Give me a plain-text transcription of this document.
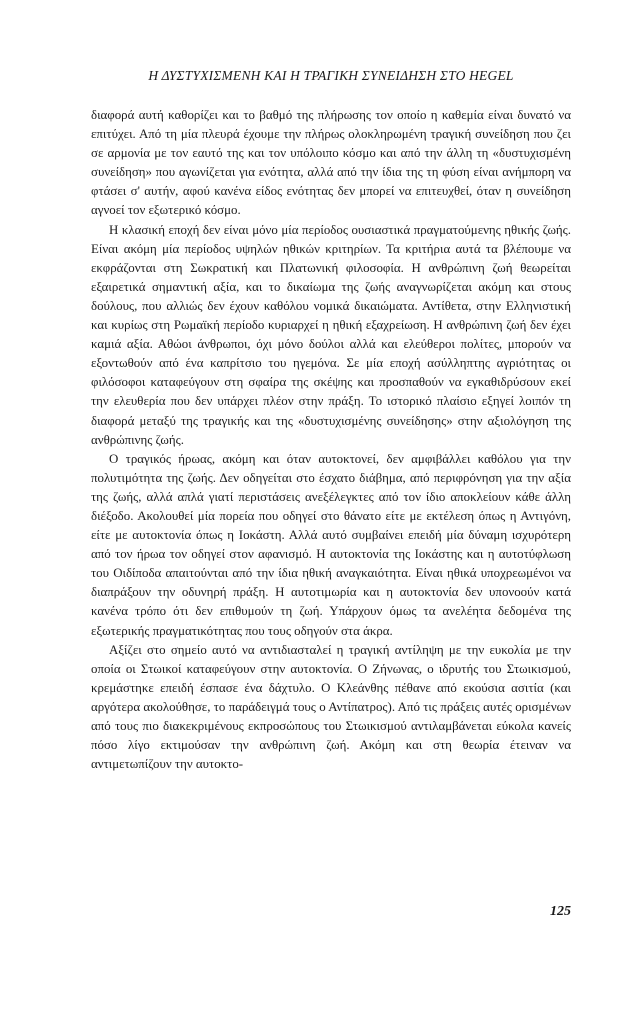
Η ΔΥΣΤΥΧΙΣΜΕΝΗ ΚΑΙ Η ΤΡΑΓΙΚΗ ΣΥΝΕΙΔΗΣΗ ΣΤΟ HEGEL

διαφορά αυτή καθορίζει και το βαθμό της πλήρωσης τον οποίο η καθεμία είναι δυνατό να επιτύχει. Από τη μία πλευρά έχουμε την πλήρως ολοκληρωμένη τραγική συνείδηση που ζει σε αρμονία με τον εαυτό της και τον υπόλοιπο κόσμο και από την άλλη τη «δυστυχισμένη συνείδηση» που αγωνίζεται για ενότητα, αλλά από την ίδια της τη φύση είναι ανήμπορη να φτάσει σ' αυτήν, αφού κανένα είδος ενότητας δεν μπορεί να επιτευχθεί, όταν η συνείδηση αγνοεί τον εξωτερικό κόσμο.

Η κλασική εποχή δεν είναι μόνο μία περίοδος ουσιαστικά πραγματούμενης ηθικής ζωής. Είναι ακόμη μία περίοδος υψηλών ηθικών κριτηρίων. Τα κριτήρια αυτά τα βλέπουμε να εκφράζονται στη Σωκρατική και Πλατωνική φιλοσοφία. Η ανθρώπινη ζωή θεωρείται εξαιρετικά σημαντική αξία, και το δικαίωμα της ζωής αναγνωρίζεται ακόμη και στους δούλους, που αλλιώς δεν έχουν καθόλου νομικά δικαιώματα. Αντίθετα, στην Ελληνιστική και κυρίως στη Ρωμαϊκή περίοδο κυριαρχεί η ηθική εξαχρείωση. Η ανθρώπινη ζωή δεν έχει καμιά αξία. Αθώοι άνθρωποι, όχι μόνο δούλοι αλλά και ελεύθεροι πολίτες, μπορούν να εξοντωθούν από ένα καπρίτσιο του ηγεμόνα. Σε μία εποχή ασύλληπτης αγριότητας οι φιλόσοφοι καταφεύγουν στη σφαίρα της σκέψης και προσπαθούν να εγκαθιδρύσουν εκεί την ελευθερία που δεν υπάρχει πλέον στην πράξη. Το ιστορικό πλαίσιο εξηγεί λοιπόν τη διαφορά μεταξύ της τραγικής και της «δυστυχισμένης συνείδησης» στην αξιολόγηση της ανθρώπινης ζωής.

Ο τραγικός ήρωας, ακόμη και όταν αυτοκτονεί, δεν αμφιβάλλει καθόλου για την πολυτιμότητα της ζωής. Δεν οδηγείται στο έσχατο διάβημα, από περιφρόνηση για την αξία της ζωής, αλλά απλά γιατί περιστάσεις ανεξέλεγκτες από τον ίδιο αποκλείουν κάθε άλλη διέξοδο. Ακολουθεί μία πορεία που οδηγεί στο θάνατο είτε με εκτέλεση όπως η Αντιγόνη, είτε με αυτοκτονία όπως η Ιοκάστη. Αλλά αυτό συμβαίνει επειδή μία δύναμη ισχυρότερη από τον ήρωα τον οδηγεί στον αφανισμό. Η αυτοκτονία της Ιοκάστης και η αυτοτύφλωση του Οιδίποδα απαιτούνται από την ίδια ηθική αναγκαιότητα. Είναι ηθικά υποχρεωμένοι να διαπράξουν την οδυνηρή πράξη. Η αυτοτιμωρία και η αυτοκτονία δεν υπονοούν κατά κανένα τρόπο ότι δεν επιθυμούν τη ζωή. Υπάρχουν όμως τα ανελέητα δεδομένα της εξωτερικής πραγματικότητας που τους οδηγούν στα άκρα.

Αξίζει στο σημείο αυτό να αντιδιασταλεί η τραγική αντίληψη με την ευκολία με την οποία οι Στωικοί καταφεύγουν στην αυτοκτονία. Ο Ζήνωνας, ο ιδρυτής του Στωικισμού, κρεμάστηκε επειδή έσπασε ένα δάχτυλο. Ο Κλεάνθης πέθανε από εκούσια ασιτία (και αργότερα ακολούθησε, το παράδειγμά τους ο Αντίπατρος). Από τις πράξεις αυτές ορισμένων από τους πιο διακεκριμένους εκπροσώπους του Στωικισμού αντιλαμβάνεται εύκολα κανείς πόσο λίγο εκτιμούσαν την ανθρώπινη ζωή. Ακόμη και στη θεωρία έτειναν να αντιμετωπίζουν την αυτοκτο-

125
